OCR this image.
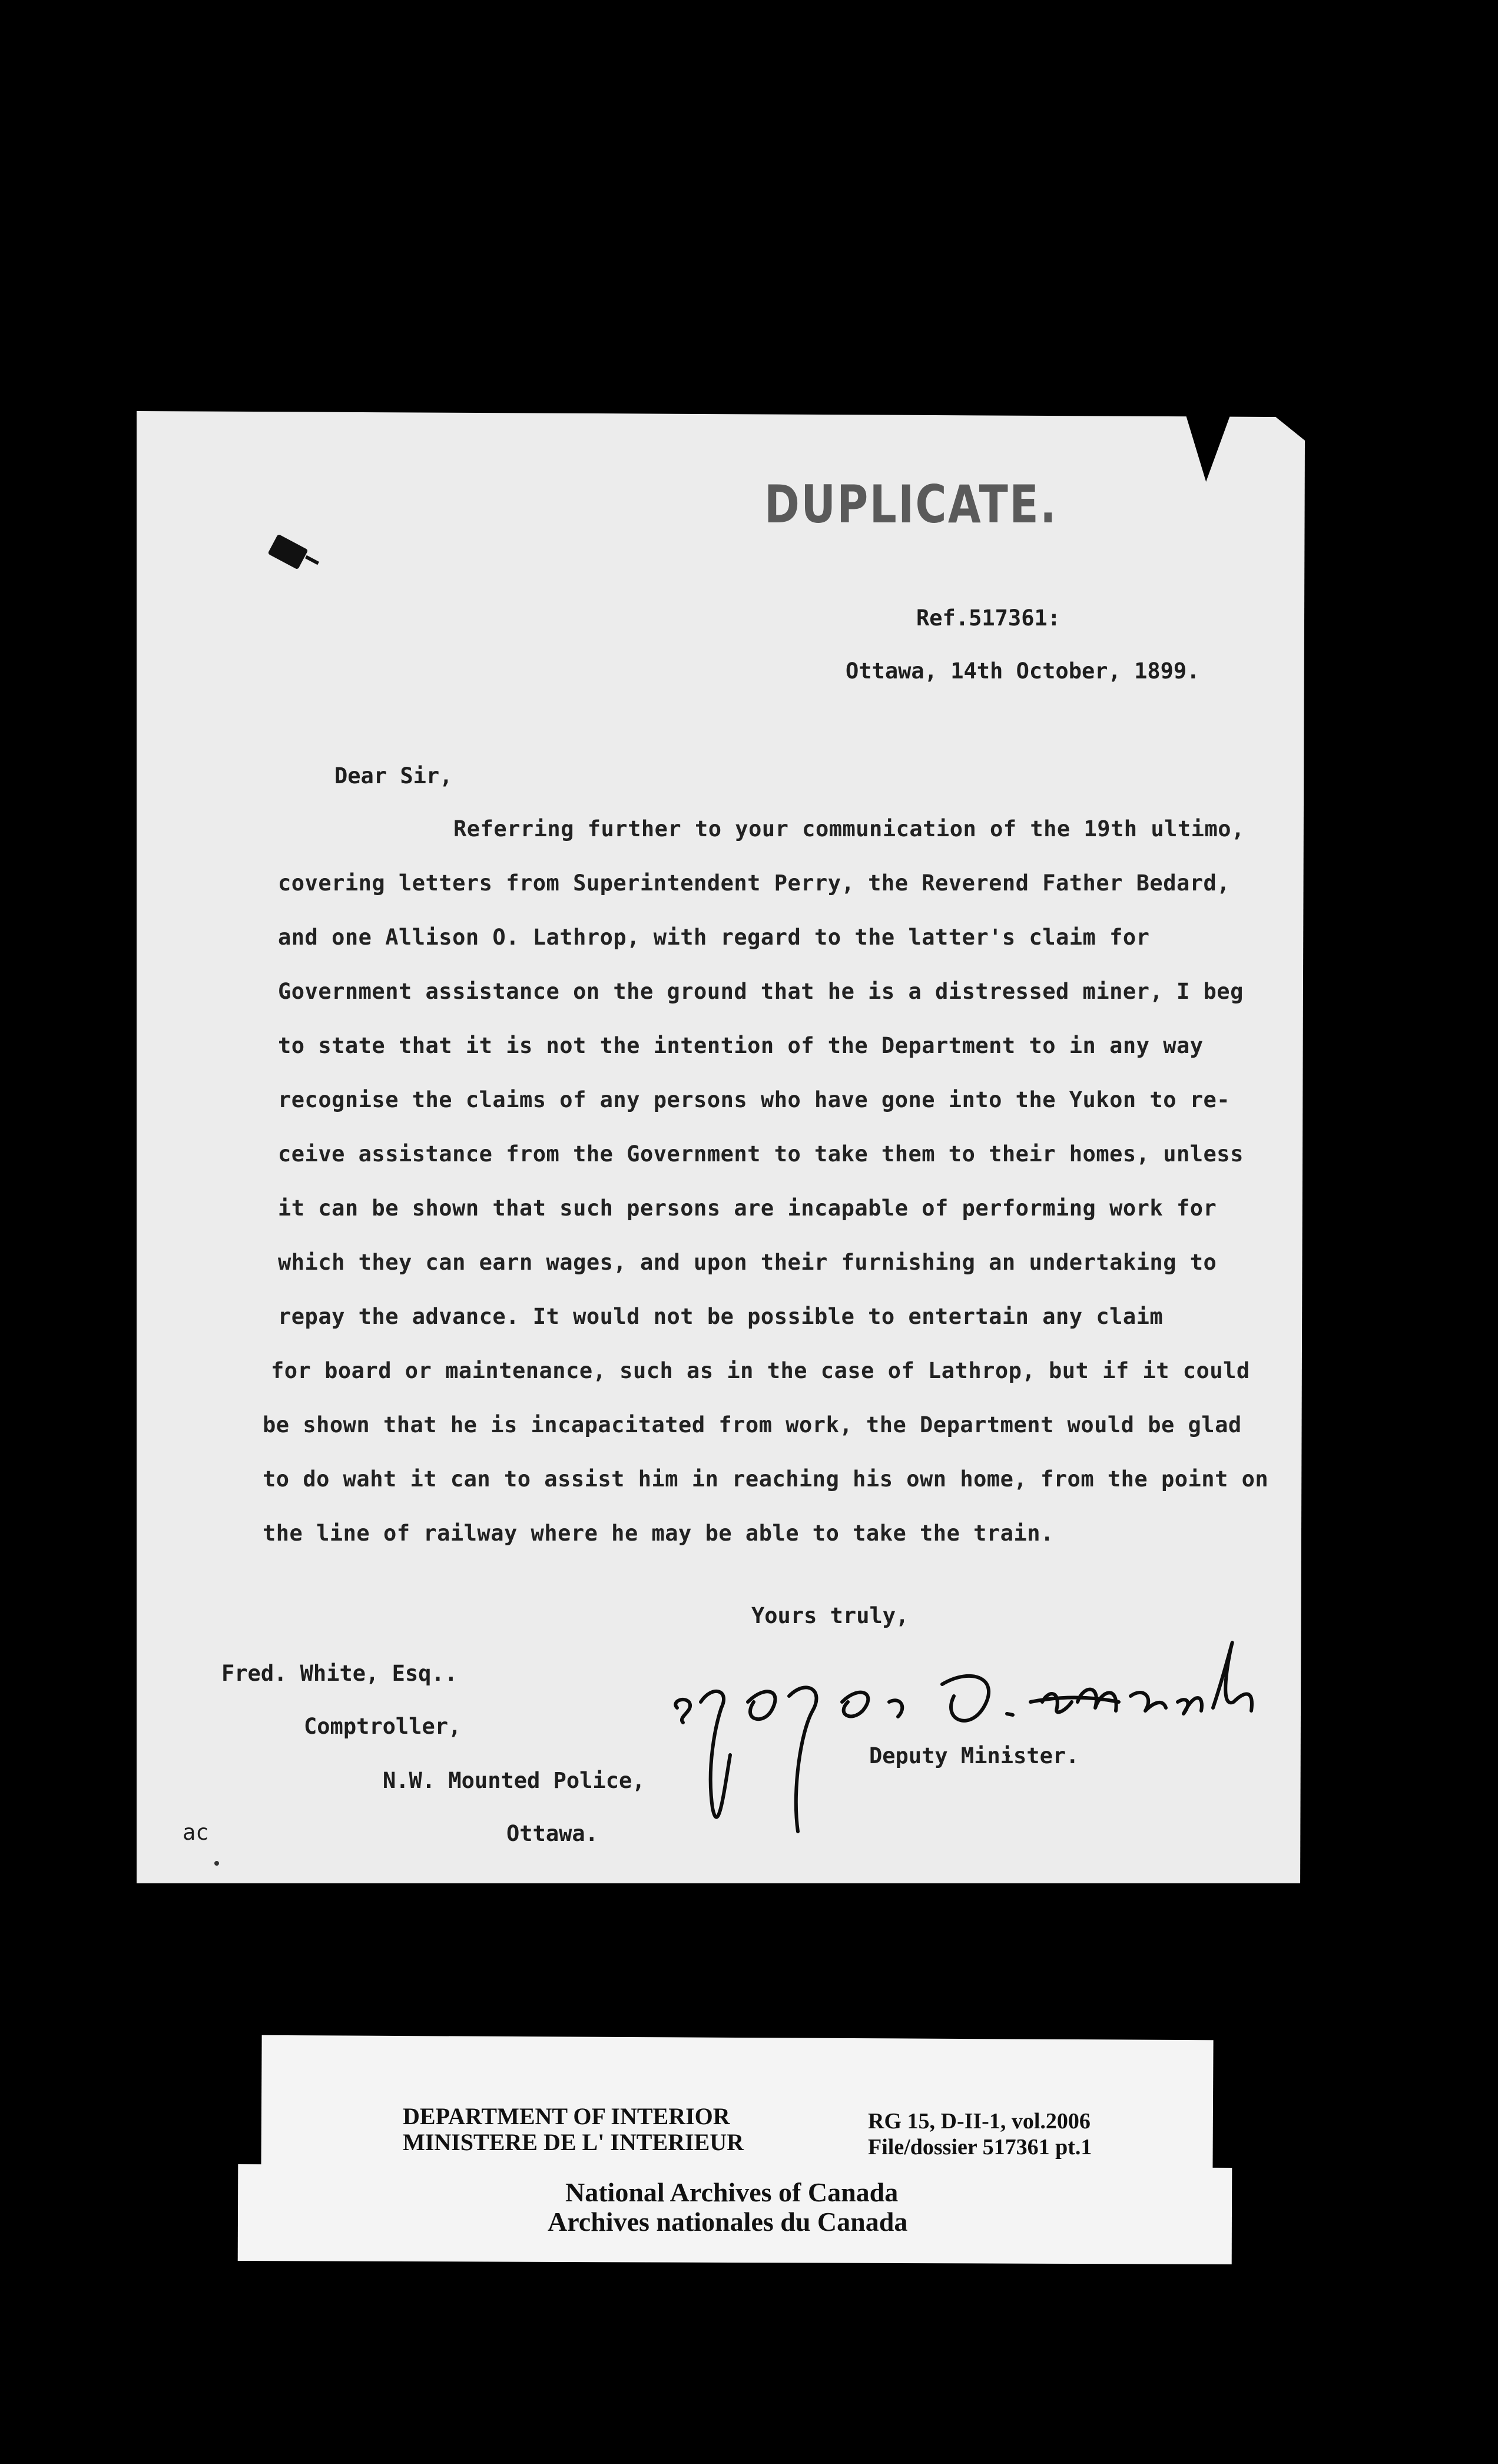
DUPLICATE.
Ref.517361:
Ottawa, 14th October, 1899.
Dear Sir,
Referring further to your communication of the 19th ultimo,
covering letters from Superintendent Perry, the Reverend Father Bedard,
and one Allison O. Lathrop, with regard to the latter's claim for
Government assistance on the ground that he is a distressed miner, I beg
to state that it is not the intention of the Department to in any way
recognise the claims of any persons who have gone into the Yukon to re-
ceive assistance from the Government to take them to their homes, unless
it can be shown that such persons are incapable of performing work for
which they can earn wages, and upon their furnishing an undertaking to
repay the advance. It would not be possible to entertain any claim
for board or maintenance, such as in the case of Lathrop, but if it could
be shown that he is incapacitated from work, the Department would be glad
to do waht it can to assist him in reaching his own home, from the point on
the line of railway where he may be able to take the train.
Yours truly,
Fred. White, Esq..
Comptroller,
N.W. Mounted Police,
Ottawa.
Deputy Minister.
ac
DEPARTMENT OF INTERIOR
MINISTERE DE L' INTERIEUR
RG 15, D-II-1, vol.2006
File/dossier 517361 pt.1
National Archives of Canada
Archives nationales du Canada
